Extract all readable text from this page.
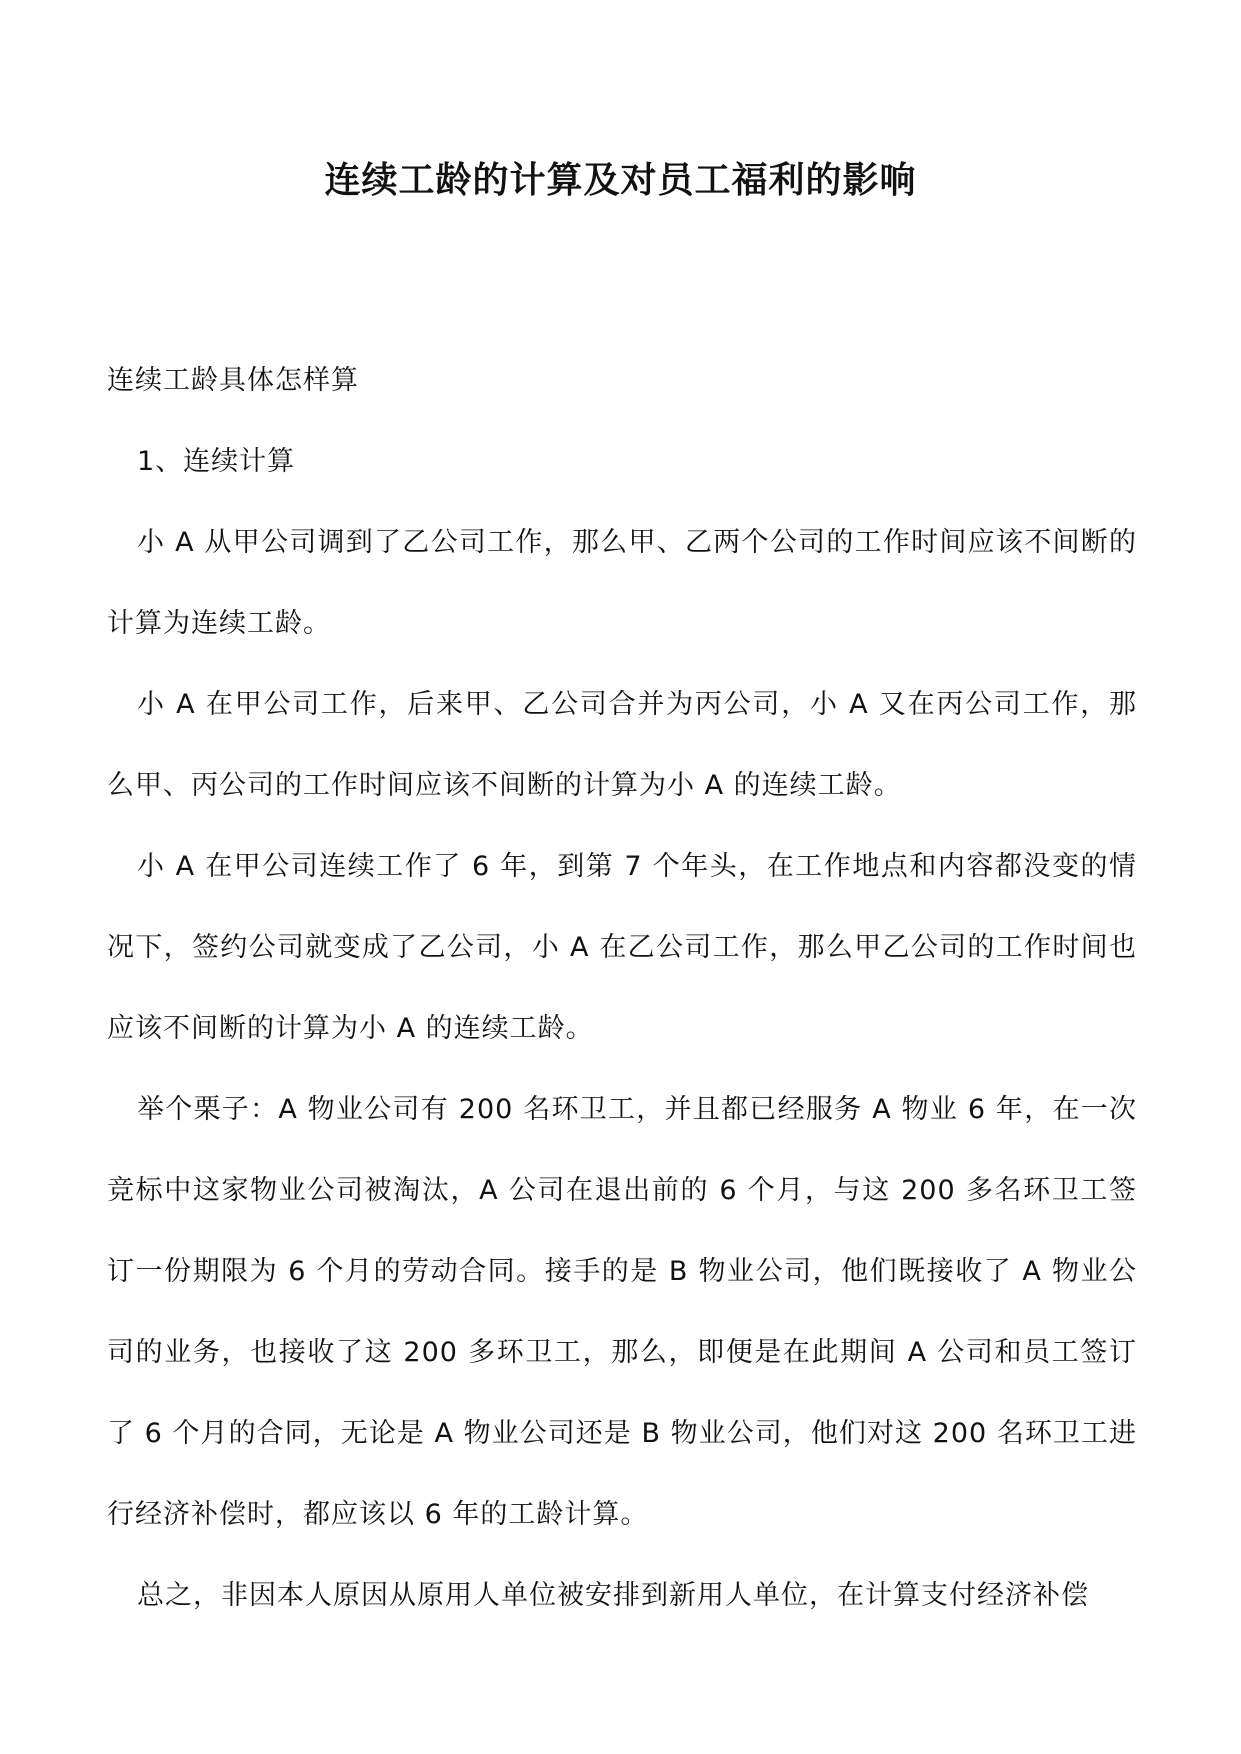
连续工龄的计算及对员工福利的影响

连续工龄具体怎样算

1、连续计算

小 A 从甲公司调到了乙公司工作，那么甲、乙两个公司的工作时间应该不间断的计算为连续工龄。

小 A 在甲公司工作，后来甲、乙公司合并为丙公司，小 A 又在丙公司工作，那么甲、丙公司的工作时间应该不间断的计算为小 A 的连续工龄。

小 A 在甲公司连续工作了 6 年，到第 7 个年头，在工作地点和内容都没变的情况下，签约公司就变成了乙公司，小 A 在乙公司工作，那么甲乙公司的工作时间也应该不间断的计算为小 A 的连续工龄。

举个栗子：A 物业公司有 200 名环卫工，并且都已经服务 A 物业 6 年，在一次竞标中这家物业公司被淘汰，A 公司在退出前的 6 个月，与这 200 多名环卫工签订一份期限为 6 个月的劳动合同。接手的是 B 物业公司，他们既接收了 A 物业公司的业务，也接收了这 200 多环卫工，那么，即便是在此期间 A 公司和员工签订了 6 个月的合同，无论是 A 物业公司还是 B 物业公司，他们对这 200 名环卫工进行经济补偿时，都应该以 6 年的工龄计算。

总之，非因本人原因从原用人单位被安排到新用人单位，在计算支付经济补偿
